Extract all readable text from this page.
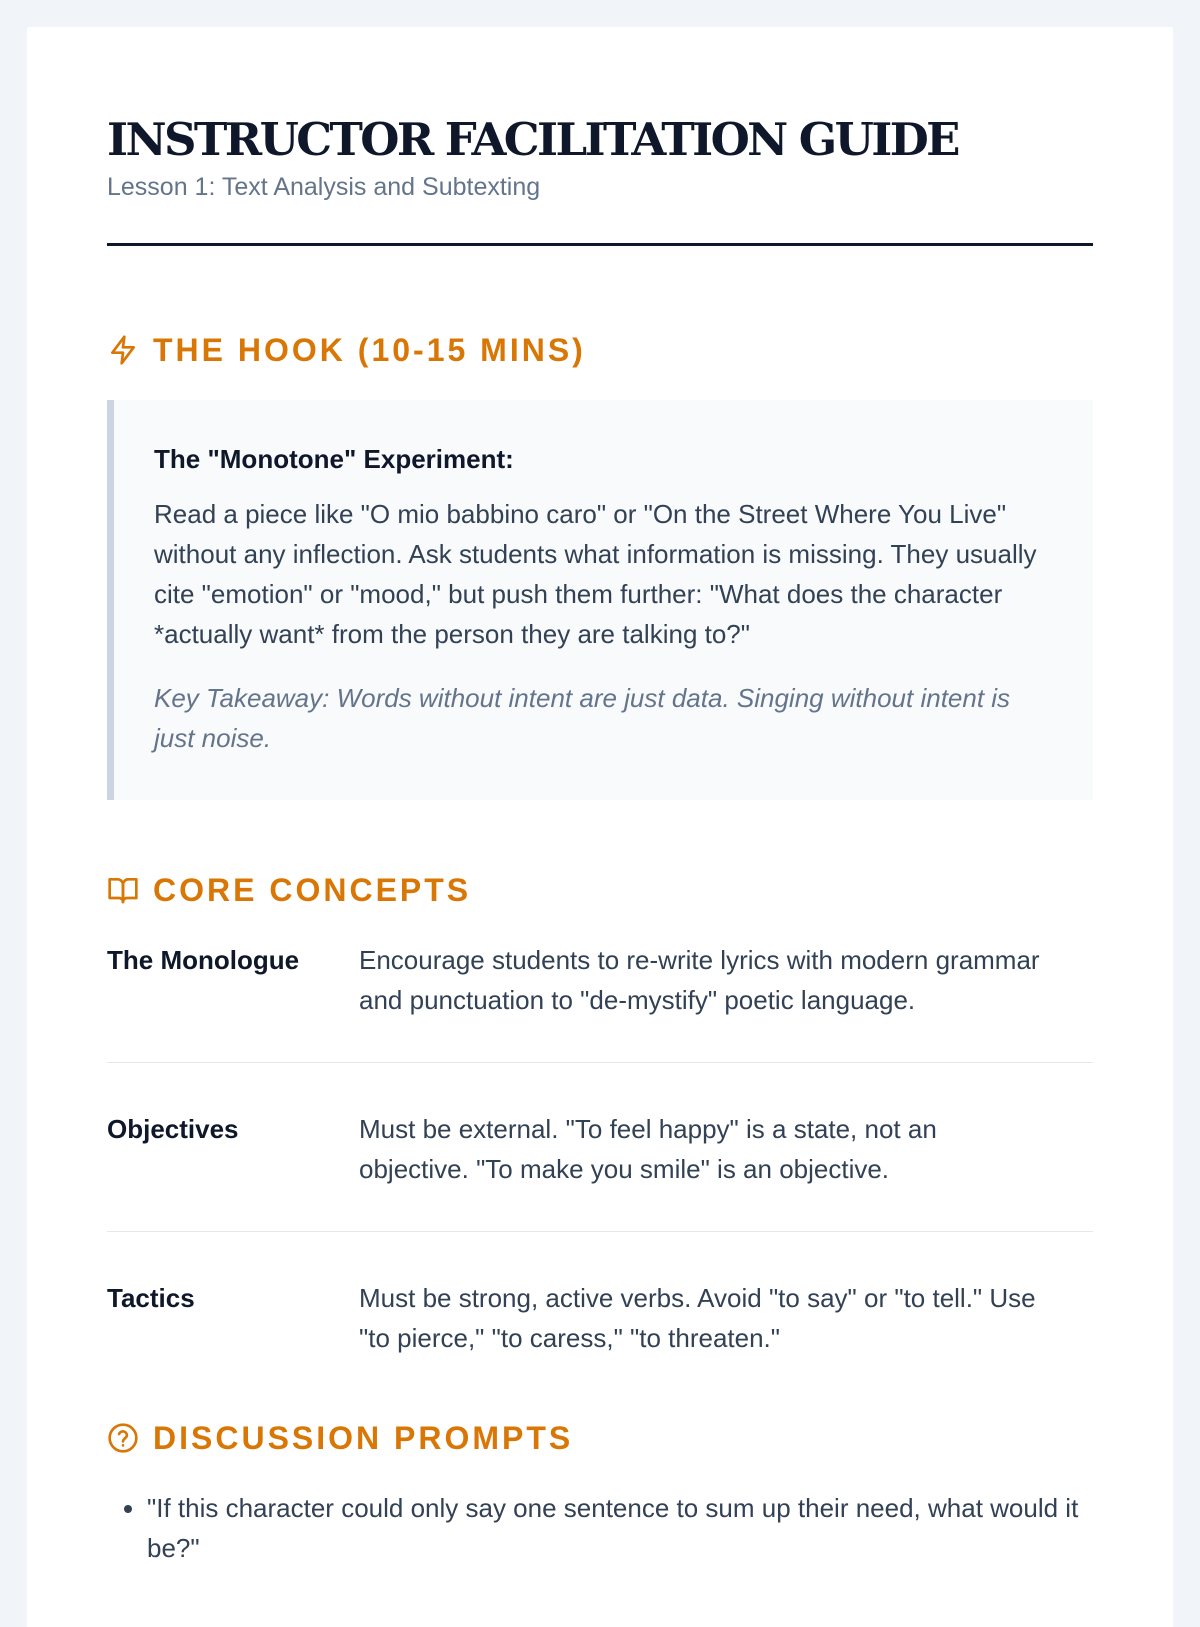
INSTRUCTOR FACILITATION GUIDE
Lesson 1: Text Analysis and Subtexting
THE HOOK (10-15 MINS)
The "Monotone" Experiment:

Read a piece like "O mio babbino caro" or "On the Street Where You Live" without any inflection. Ask students what information is missing. They usually cite "emotion" or "mood," but push them further: "What does the character *actually want* from the person they are talking to?"

Key Takeaway: Words without intent are just data. Singing without intent is just noise.

CORE CONCEPTS
The Monologue	Encourage students to re-write lyrics with modern grammar and punctuation to "de-mystify" poetic language.
Objectives	Must be external. "To feel happy" is a state, not an objective. "To make you smile" is an objective.
Tactics	Must be strong, active verbs. Avoid "to say" or "to tell." Use "to pierce," "to caress," "to threaten."
DISCUSSION PROMPTS
• "If this character could only say one sentence to sum up their need, what would it be?"
